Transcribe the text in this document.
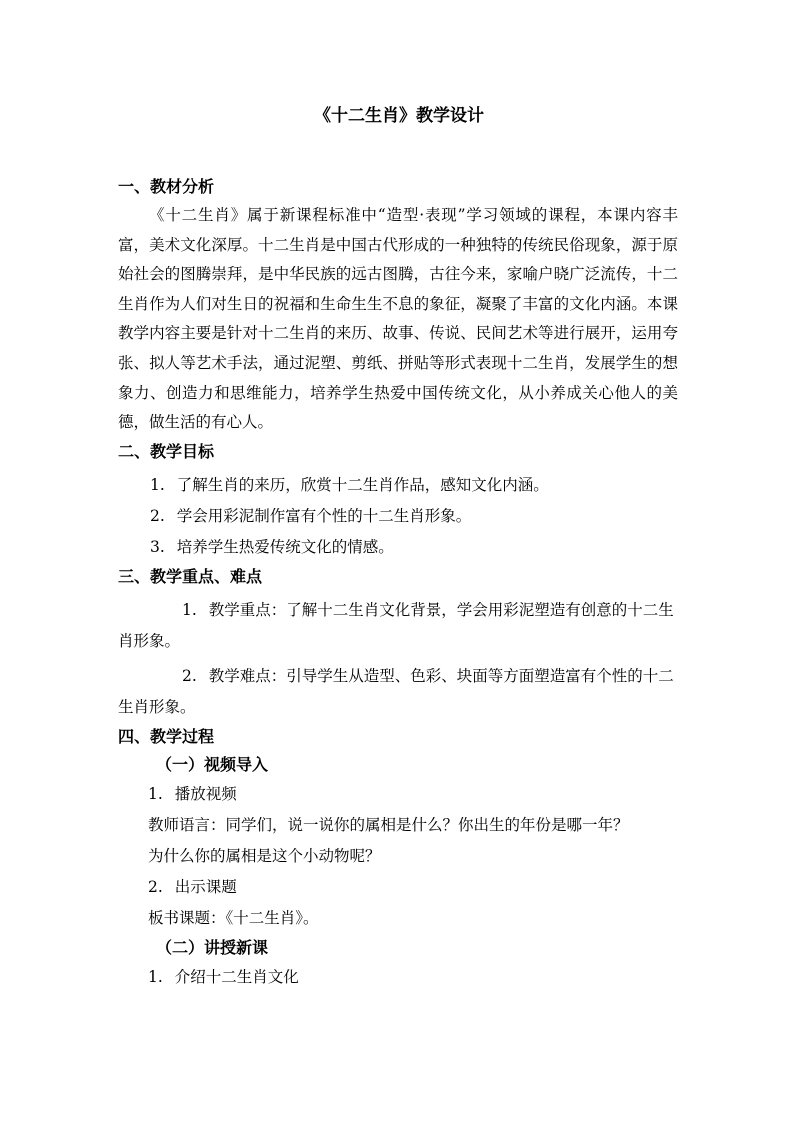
《十二生肖》教学设计
一、教材分析

《十二生肖》属于新课程标准中“造型·表现”学习领域的课程，本课内容丰富，美术文化深厚。十二生肖是中国古代形成的一种独特的传统民俗现象，源于原始社会的图腾崇拜，是中华民族的远古图腾，古往今来，家喻户晓广泛流传，十二生肖作为人们对生日的祝福和生命生生不息的象征，凝聚了丰富的文化内涵。本课教学内容主要是针对十二生肖的来历、故事、传说、民间艺术等进行展开，运用夸张、拟人等艺术手法，通过泥塑、剪纸、拼贴等形式表现十二生肖，发展学生的想象力、创造力和思维能力，培养学生热爱中国传统文化，从小养成关心他人的美德，做生活的有心人。

二、教学目标
1. 了解生肖的来历，欣赏十二生肖作品，感知文化内涵。
2. 学会用彩泥制作富有个性的十二生肖形象。
3. 培养学生热爱传统文化的情感。
三、教学重点、难点

1. 教学重点：了解十二生肖文化背景，学会用彩泥塑造有创意的十二生肖形象。

2. 教学难点：引导学生从造型、色彩、块面等方面塑造富有个性的十二生肖形象。

四、教学过程
（一）视频导入
1. 播放视频
教师语言：同学们，说一说你的属相是什么？你出生的年份是哪一年？
为什么你的属相是这个小动物呢？
2. 出示课题
板书课题：《十二生肖》。
（二）讲授新课
1. 介绍十二生肖文化
